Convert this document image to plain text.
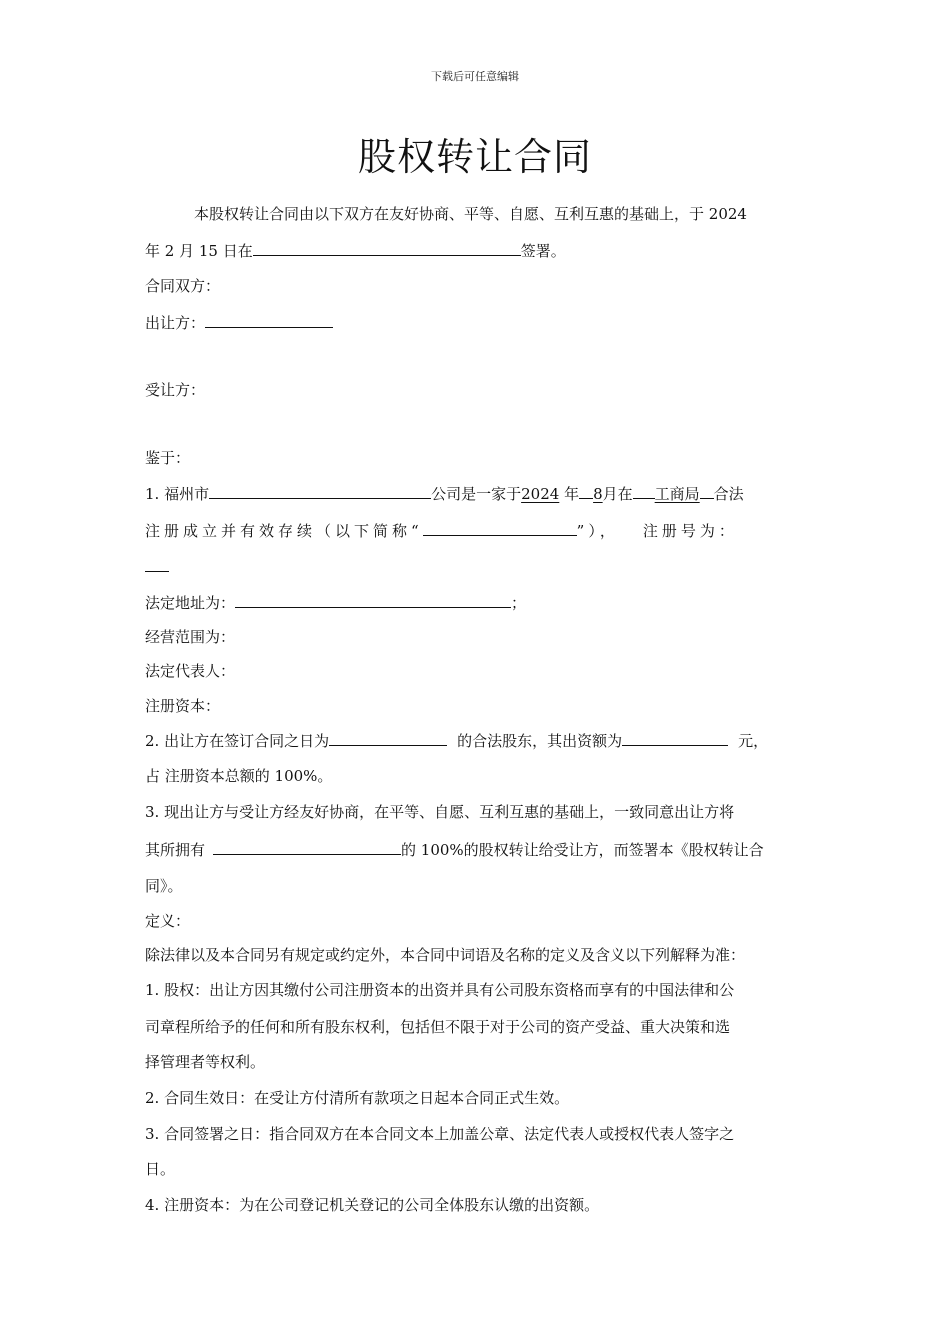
下载后可任意编辑
股权转让合同
本股权转让合同由以下双方在友好协商、平等、自愿、互利互惠的基础上，于 2024
年 2 月 15 日在	签署。
合同双方：
出让方：
受让方：
鉴于：
1. 福州市	公司是一家于2024 年 8月在 工商局 合法
注册成立并有效存续（以下简称“	”）， 注册号为：
法定地址为：	；
经营范围为：
法定代表人：
注册资本：
2. 出让方在签订合同之日为	的合法股东，其出资额为	元，
占 注册资本总额的 100%。
3. 现出让方与受让方经友好协商，在平等、自愿、互利互惠的基础上，一致同意出让方将
其所拥有	的 100%的股权转让给受让方，而签署本《股权转让合
同》。
定义：
除法律以及本合同另有规定或约定外，本合同中词语及名称的定义及含义以下列解释为准：
1. 股权：出让方因其缴付公司注册资本的出资并具有公司股东资格而享有的中国法律和公
司章程所给予的任何和所有股东权利，包括但不限于对于公司的资产受益、重大决策和选
择管理者等权利。
2. 合同生效日：在受让方付清所有款项之日起本合同正式生效。
3. 合同签署之日：指合同双方在本合同文本上加盖公章、法定代表人或授权代表人签字之
日。
4. 注册资本：为在公司登记机关登记的公司全体股东认缴的出资额。
